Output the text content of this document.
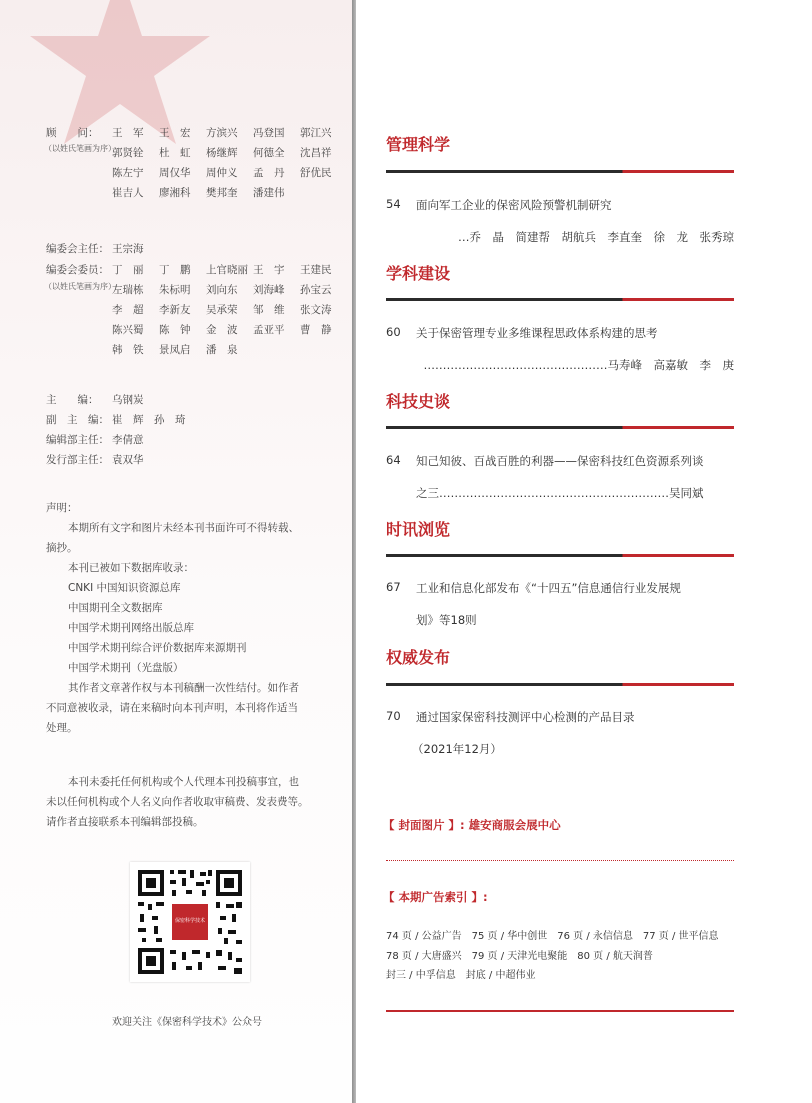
顾　　问：
（以姓氏笔画为序）
王　军 王　宏 方滨兴 冯登国 郭江兴
郭贤铨 杜　虹 杨继辉 何德全 沈昌祥
陈左宁 周仅华 周仲义 孟　丹 舒优民
崔吉人 廖湘科 樊邦奎 潘建伟
编委会主任： 王宗海
编委会委员：
（以姓氏笔画为序）
丁　丽 丁　鹏 上官晓丽 王　宇 王建民
左瑞栋 朱标明 刘向东 刘海峰 孙宝云
李　超 李新友 吴承荣 邹　维 张文涛
陈兴蜀 陈　钟 金　波 孟亚平 曹　静
韩　铁 景凤启 潘　泉
主　　编： 乌钢炭
副　主　编： 崔　辉　孙　琦
编辑部主任： 李倩意
发行部主任： 袁双华
声明：
本期所有文字和图片未经本刊书面许可不得转载、
摘抄。
本刊已被如下数据库收录：
CNKI 中国知识资源总库
中国期刊全文数据库
中国学术期刊网络出版总库
中国学术期刊综合评价数据库来源期刊
中国学术期刊（光盘版）
其作者文章著作权与本刊稿酬一次性结付。如作者
不同意被收录，请在来稿时向本刊声明，本刊将作适当
处理。
本刊未委托任何机构或个人代理本刊投稿事宜，也
未以任何机构或个人名义向作者收取审稿费、发表费等。
请作者直接联系本刊编辑部投稿。
保密科学技术
欢迎关注《保密科学技术》公众号
管理科学
54 面向军工企业的保密风险预警机制研究
…乔　晶　简建帮　胡航兵　李直奎　徐　龙　张秀琼
学科建设
60 关于保密管理专业多维课程思政体系构建的思考
…………………………………………马寿峰　高嘉敏　李　庚
科技史谈
64 知己知彼、百战百胜的利器——保密科技红色资源系列谈
之三……………………………………………………吴同斌
时讯浏览
67 工业和信息化部发布《“十四五”信息通信行业发展规
划》等18则
权威发布
70 通过国家保密科技测评中心检测的产品目录
（2021年12月）
【 封面图片 】: 雄安商服会展中心
【 本期广告索引 】:
74 页 / 公益广告　75 页 / 华中创世　76 页 / 永信信息　77 页 / 世平信息
78 页 / 大唐盛兴　79 页 / 天津光电聚能　80 页 / 航天润普
封三 / 中孚信息　封底 / 中超伟业
